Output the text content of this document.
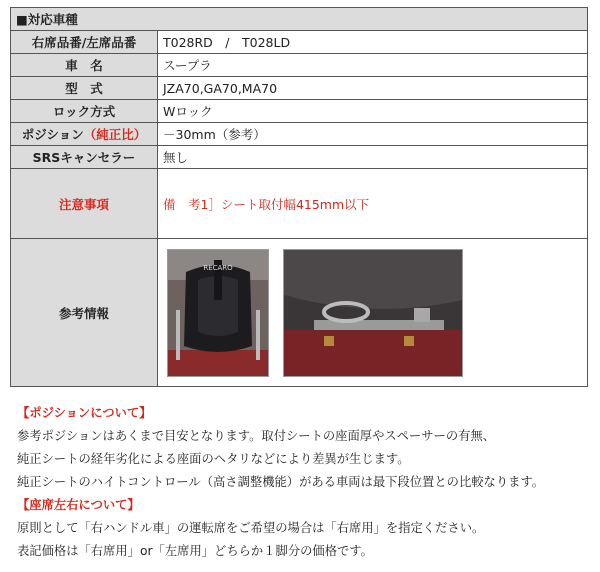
■対応車種	
右席品番/左席品番	T028RD　/　T028LD
車　名	スープラ
型　式	JZA70,GA70,MA70
ロック方式	Wロック
ポジション（純正比）	－30mm（参考）
SRSキャンセラー	無し
注意事項	備　考1］シート取付幅415mm以下
参考情報	RECARO
【ポジションについて】
参考ポジションはあくまで目安となります。取付シートの座面厚やスペーサーの有無、
純正シートの経年劣化による座面のヘタリなどにより差異が生じます。
純正シートのハイトコントロール（高さ調整機能）がある車両は最下段位置との比較なります。
【座席左右について】
原則として「右ハンドル車」の運転席をご希望の場合は「右席用」を指定ください。
表記価格は「右席用」or「左席用」どちらか１脚分の価格です。
